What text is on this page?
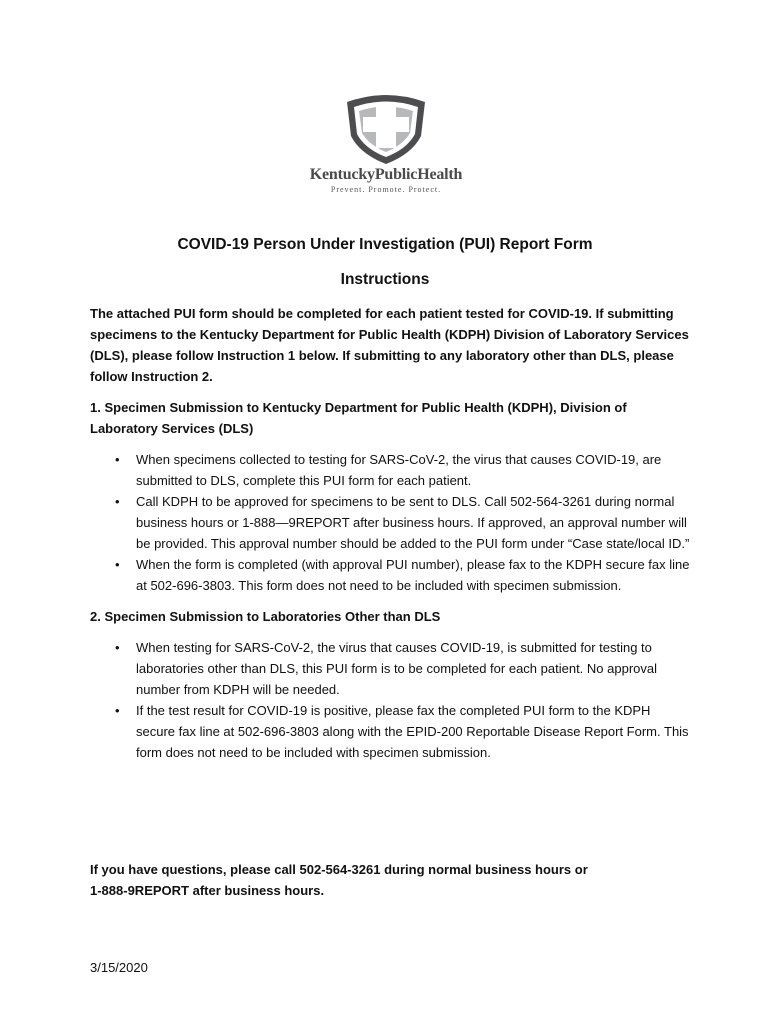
KentuckyPublicHealth
Prevent. Promote. Protect.
COVID-19 Person Under Investigation (PUI) Report Form
Instructions

The attached PUI form should be completed for each patient tested for COVID-19. If submitting specimens to the Kentucky Department for Public Health (KDPH) Division of Laboratory Services (DLS), please follow Instruction 1 below. If submitting to any laboratory other than DLS, please follow Instruction 2.

1. Specimen Submission to Kentucky Department for Public Health (KDPH), Division of Laboratory Services (DLS)

• When specimens collected to testing for SARS-CoV-2, the virus that causes COVID-19, are submitted to DLS, complete this PUI form for each patient.
• Call KDPH to be approved for specimens to be sent to DLS. Call 502-564-3261 during normal business hours or 1-888—9REPORT after business hours. If approved, an approval number will be provided. This approval number should be added to the PUI form under “Case state/local ID.”
• When the form is completed (with approval PUI number), please fax to the KDPH secure fax line at 502-696-3803. This form does not need to be included with specimen submission.

2. Specimen Submission to Laboratories Other than DLS

• When testing for SARS-CoV-2, the virus that causes COVID-19, is submitted for testing to laboratories other than DLS, this PUI form is to be completed for each patient. No approval number from KDPH will be needed.
• If the test result for COVID-19 is positive, please fax the completed PUI form to the KDPH secure fax line at 502-696-3803 along with the EPID-200 Reportable Disease Report Form. This form does not need to be included with specimen submission.
If you have questions, please call 502-564-3261 during normal business hours or
1-888-9REPORT after business hours.
3/15/2020
